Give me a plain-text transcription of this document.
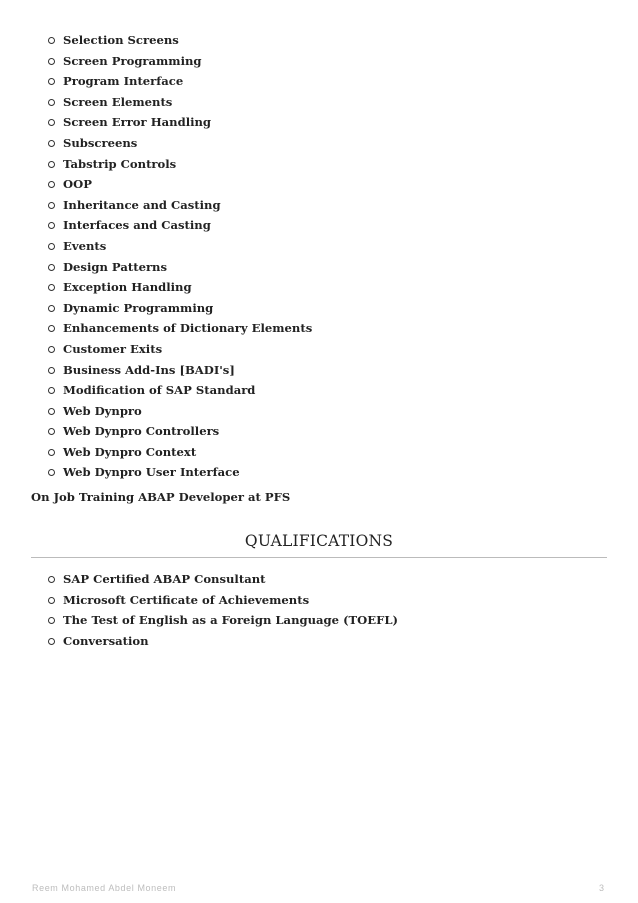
Selection Screens
Screen Programming
Program Interface
Screen Elements
Screen Error Handling
Subscreens
Tabstrip Controls
OOP
Inheritance and Casting
Interfaces and Casting
Events
Design Patterns
Exception Handling
Dynamic Programming
Enhancements of Dictionary Elements
Customer Exits
Business Add-Ins [BADI's]
Modification of SAP Standard
Web Dynpro
Web Dynpro Controllers
Web Dynpro Context
Web Dynpro User Interface
On Job Training ABAP Developer at PFS
QUALIFICATIONS
SAP Certified ABAP Consultant
Microsoft Certificate of Achievements
The Test of English as a Foreign Language (TOEFL)
Conversation
Reem Mohamed Abdel Moneem	3
